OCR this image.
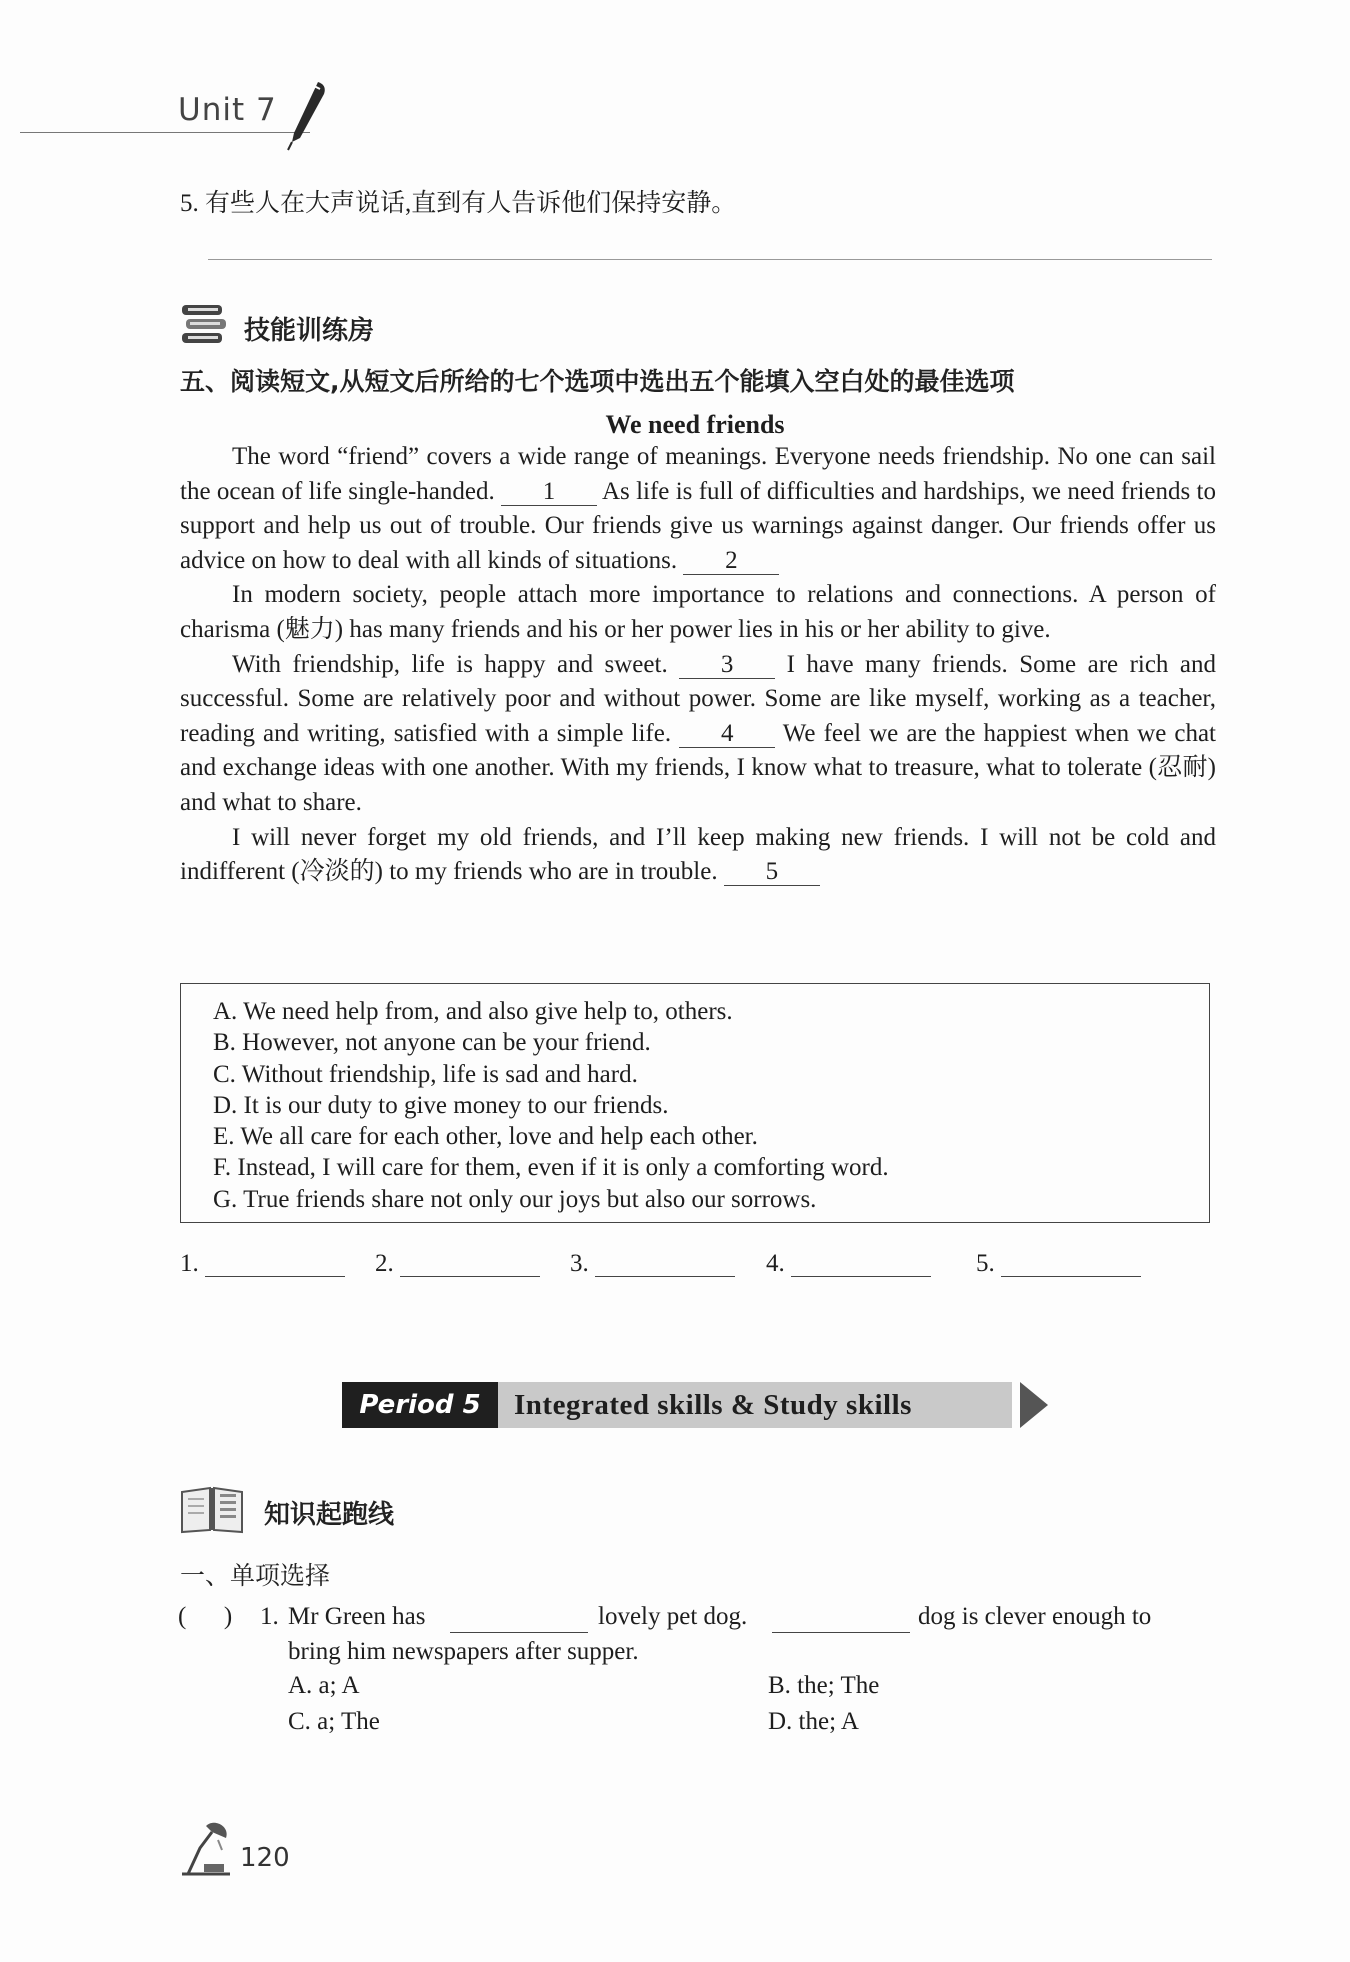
Unit 7
5. 有些人在大声说话,直到有人告诉他们保持安静。
技能训练房
五、阅读短文,从短文后所给的七个选项中选出五个能填入空白处的最佳选项
We need friends

The word “friend” covers a wide range of meanings. Everyone needs friendship. No one can sail the ocean of life single-handed. 1 As life is full of difficulties and hardships, we need friends to support and help us out of trouble. Our friends give us warnings against danger. Our friends offer us advice on how to deal with all kinds of situations. 2

In modern society, people attach more importance to relations and connections. A person of charisma (魅力) has many friends and his or her power lies in his or her ability to give.

With friendship, life is happy and sweet. 3 I have many friends. Some are rich and successful. Some are relatively poor and without power. Some are like myself, working as a teacher, reading and writing, satisfied with a simple life. 4 We feel we are the happiest when we chat and exchange ideas with one another. With my friends, I know what to treasure, what to tolerate (忍耐) and what to share.

I will never forget my old friends, and I’ll keep making new friends. I will not be cold and indifferent (冷淡的) to my friends who are in trouble. 5

A. We need help from, and also give help to, others.
B. However, not anyone can be your friend.
C. Without friendship, life is sad and hard.
D. It is our duty to give money to our friends.
E. We all care for each other, love and help each other.
F. Instead, I will care for them, even if it is only a comforting word.
G. True friends share not only our joys but also our sorrows.
1.	2.	3.	4.	5.
Period 5	Integrated skills & Study skills
知识起跑线
一、单项选择
(      ) 1. Mr Green has	lovely pet dog.	dog is clever enough to
bring him newspapers after supper.
A. a; A	B. the; The
C. a; The	D. the; A
120
